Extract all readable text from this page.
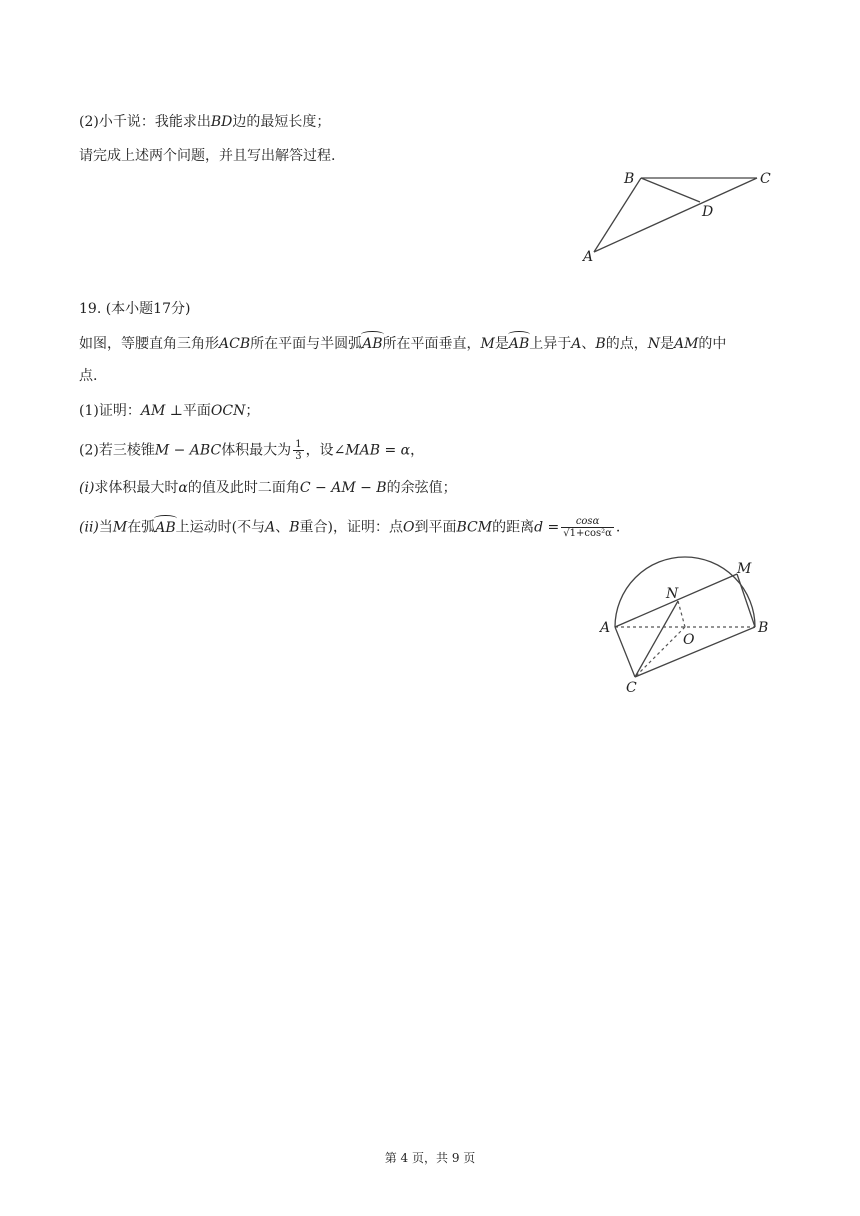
(2)小千说：我能求出BD边的最短长度；
请完成上述两个问题，并且写出解答过程.
B	C
D
A
19. (本小题17分)
如图，等腰直角三角形ACB所在平面与半圆弧AB所在平面垂直，M是AB上异于A、B的点，N是AM的中
点.
(1)证明：AM ⊥平面OCN；
(2)若三棱锥M − ABC体积最大为 $\frac{1}{3}$ ，设∠MAB = α，
(i)求体积最大时α的值及此时二面角C − AM − B的余弦值；
(ii)当M在弧AB上运动时(不与A、B重合)，证明：点O到平面BCM的距离$d = \frac{\cos\alpha}{\text{√1+cos²α}}$ .
M
N
A
O
B
C
第 4 页，共 9 页
